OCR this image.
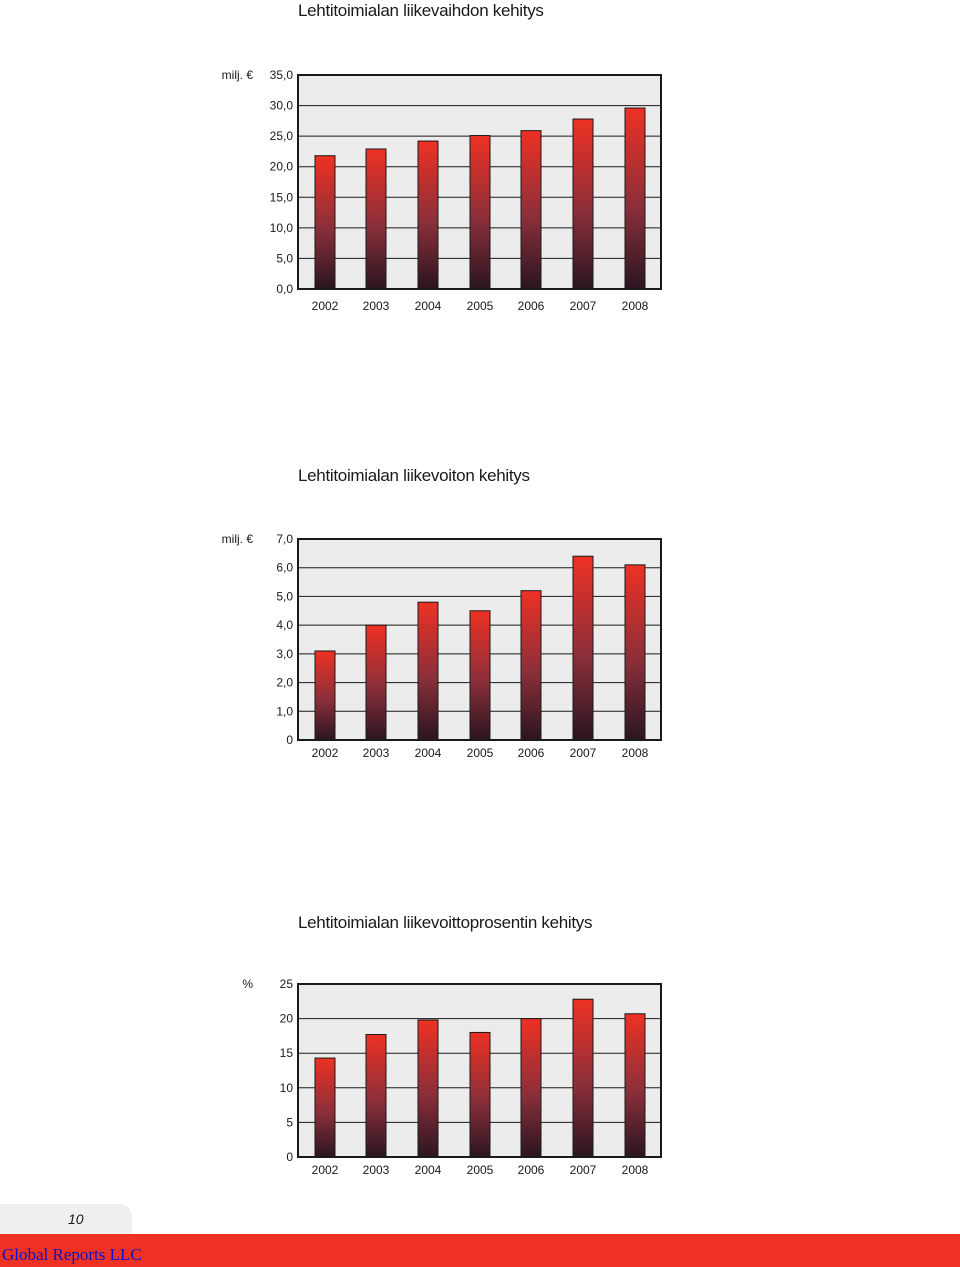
Lehtitoimialan liikevaihdon kehitys
0,0
5,0
10,0
15,0
20,0
25,0
30,0
35,0
milj. €
2002 2003 2004 2005 2006 2007 2008
Lehtitoimialan liikevoiton kehitys
0
1,0
2,0
3,0
4,0
5,0
6,0
7,0
milj. €
2002 2003 2004 2005 2006 2007 2008
Lehtitoimialan liikevoittoprosentin kehitys
0
5
10
15
20
25
%
2002 2003 2004 2005 2006 2007 2008
10
Global Reports LLC
